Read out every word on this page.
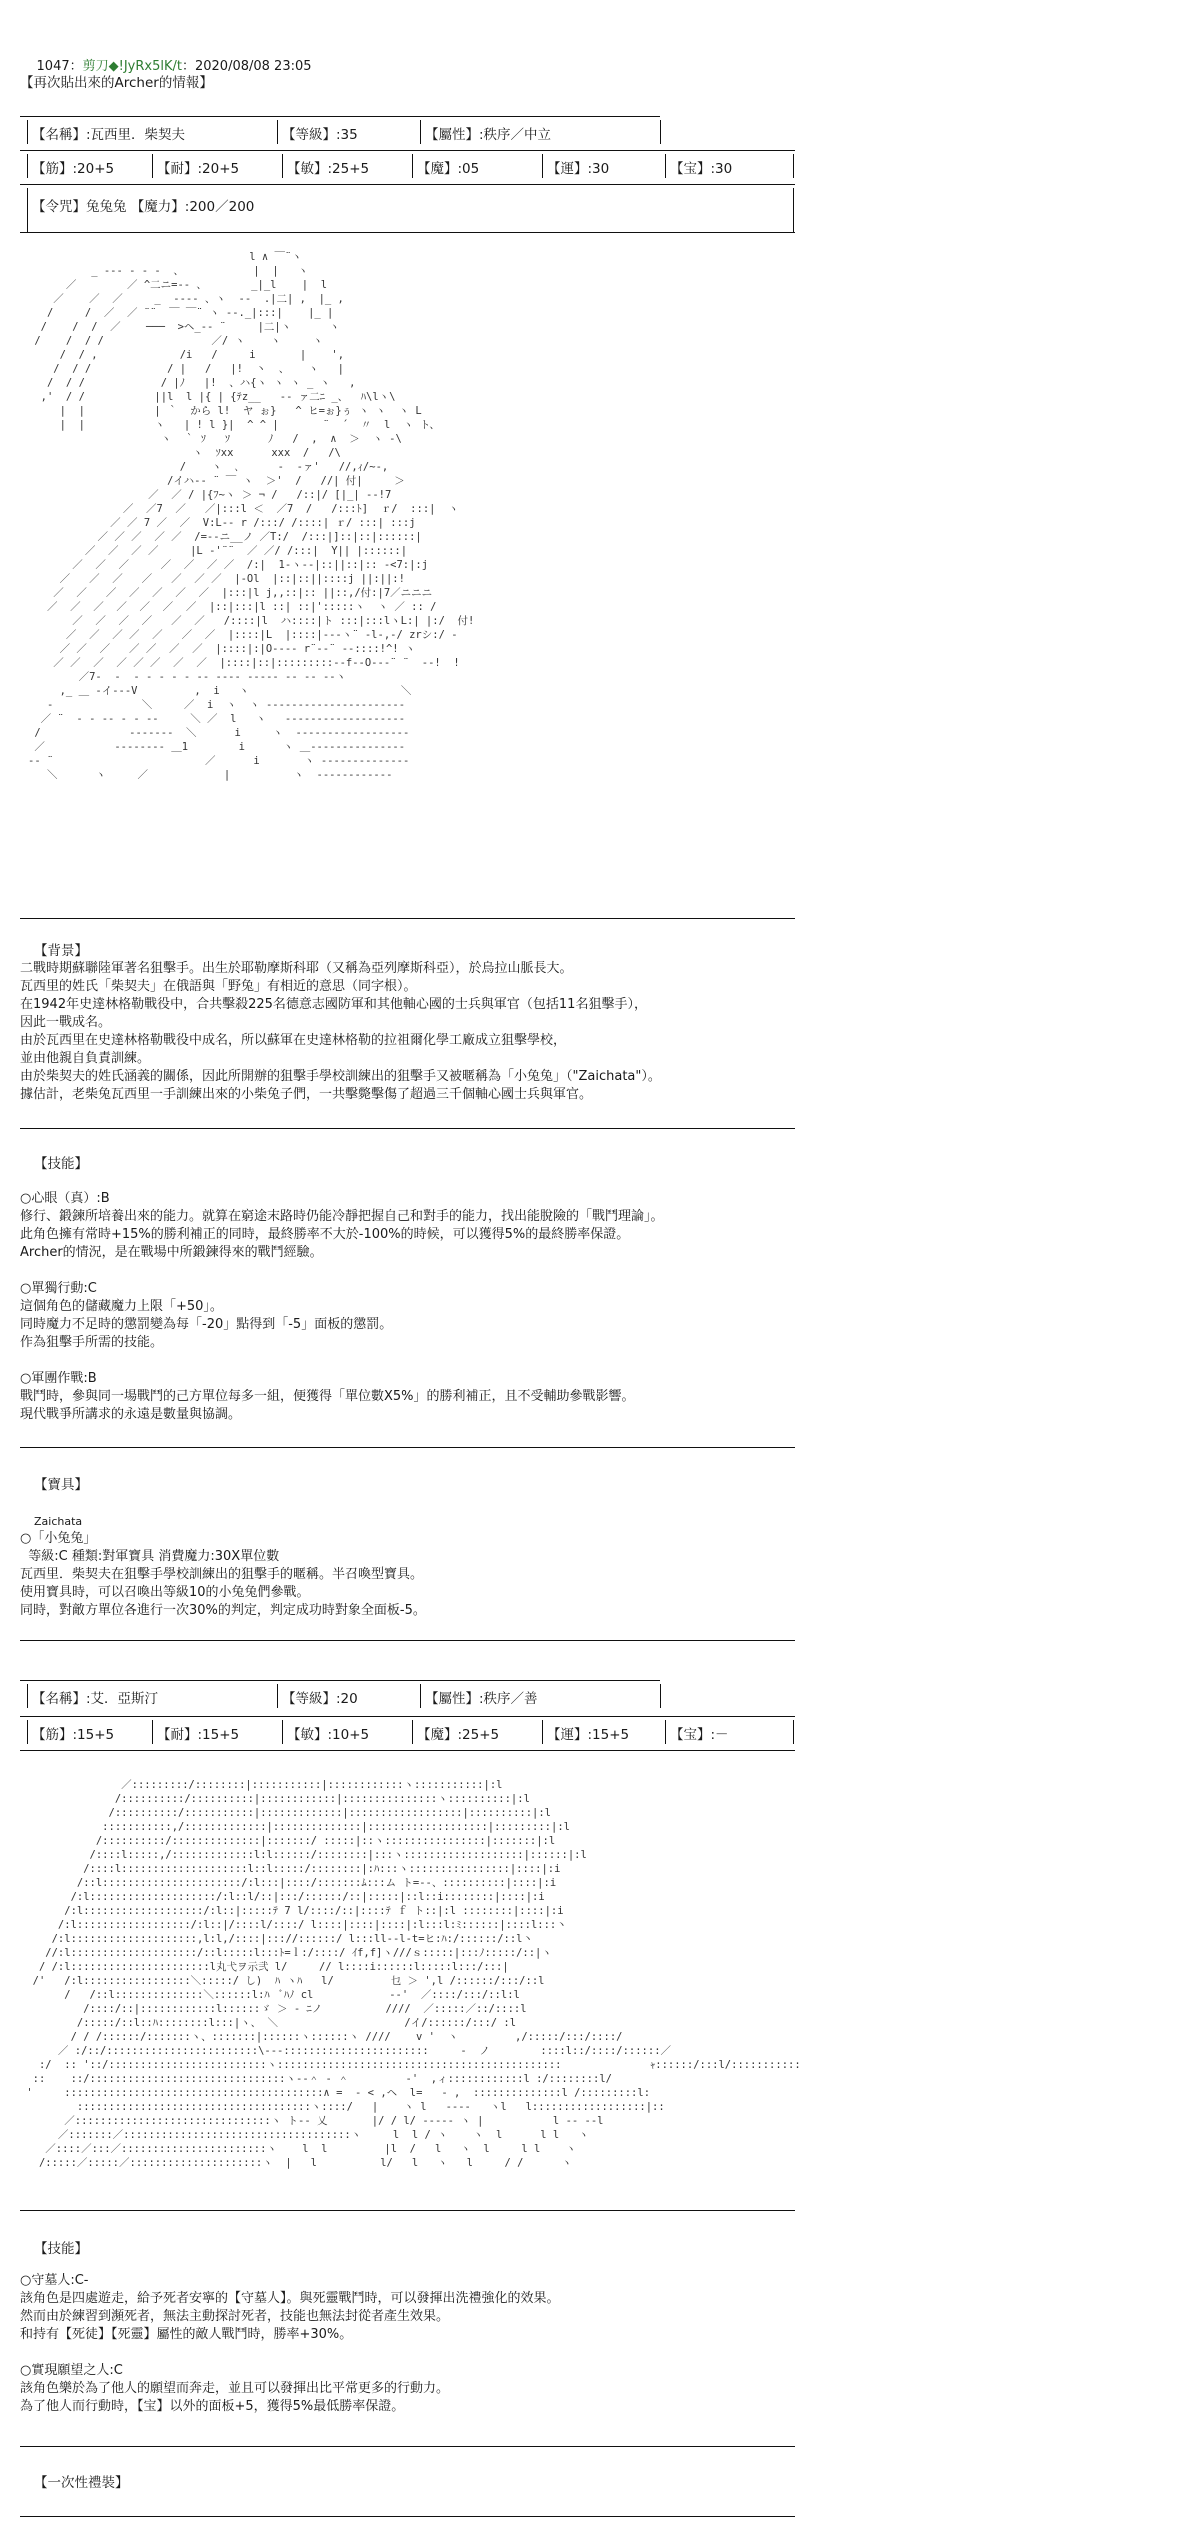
1047：剪刀◆!JyRx5lK/t：2020/08/08 23:05

【再次貼出來的Archer的情報】
【名稱】:瓦西里．柴契夫	【等級】:35	【屬性】:秩序／中立
【筋】:20+5	【耐】:20+5	【敏】:25+5	【魔】:05	【運】:30	【宝】:30
【令咒】兔兔兔 【魔力】:200／200
l ∧ ￣¨ヽ
_ -‐‐ ‐ ‐ -  、           |  |   ヽ
／        ／ ^二ニ=‐- 、       _|_l    |  l
／    ／  ／     _  -‐‐‐ 、ヽ  -‐  .|二| ,  |_ ,
/     /  ／  ／ ¨¨  ￣ ￣¨ ヽ ‐-._|:::|    |_ |
/    /  /  ／    ───  >ヘ_-‐ ¨     |二|ヽ      ヽ
/    /  / /                 ／/ ヽ    ヽ     ヽ
/  / ,             /i   /     i       |    ',
/  / /            / |   /   |!  丶  、   ヽ   |
/  / /            / |ﾉ   |!  、ハ{ヽ ヽ ヽ _ ヽ   ,
,'  / /           ||l  l |{ | {ﾃz__   ‐‐ ァ二ﾆ _、  ﾊ\lヽ\
|  |           | ｀  から l!  ヤ ぉ}   ^ ヒ=ぉ}ぅ ヽ ヽ  ヽ L
|  |           ヽ   | ! l }|  ^ ^ |       ¨  ´  〃  l  ヽ ト、
ヽ  ｀ ｿ   ｿ      ﾉ   /  ,  ∧  ＞  ヽ ‐\
ヽ  ｿxx      xxx  /   /\
/    ヽ  ､      ‐  ‐ァ'   //,ｨ/~‐,
/イハ-‐ ¨ ￣ ヽ  ＞'  /   //| 付|     ＞
／  ／ / |{ﾌ~ヽ ＞ ¬ /   /::|/ [|_| --!7
／  ／7  ／   ／|:::l ＜  ／7  /   /:::ﾄ]  ｒ/  :::|  ヽ
／ ／ 7 ／  ／  V:L‐‐ r /:::/ /::::| ｒ/ :::| :::j
／ ／ ／  ／ ／  /=‐‐ニ__ノ ／T:/  /:::|]::|::|::::::|
／  ／  ／ ／     |L ‐'¨¨  ／ ／/ /:::|  Y|| |::::::|
／  ／  ／     ／  ／  ／ ／  /:|  1‐ヽ-‐|::||::|:: ‐<7:|:j
／   ／  ／   ／   ／  ／ ／  |‐Ol  |::|::||::::j ||:||:!
／  ／   ／  ／  ／  ／  ／  |:::|l j,,::|:: ||::,/付:|7／ニニニ
／  ／  ／  ／  ／  ／  ／  |::|:::|l ::| ::|':::::ヽ  ヽ ／ :: /
／  ／  ／  ／   ／  ／   /::::|l  ハ::::|ト :::|:::lヽL:| |:/  付!
／  ／  ／ ／  ／   ／  ／  |::::|L  |::::|‐‐‐ヽ¨ ‐l-,‐/ zrシ:/ ‐
／ ／  ／   ／ ／  ／  ／  |::::|:|O‐‐‐‐ r¨‐‐¨ ‐‐::::!^! ヽ
／ ／  ／  ／ ／ ／  ／  ／  |::::|::|:::::::::‐‐f‐‐O‐‐‐¨ ¨  ‐‐!  !
／7‐  ‐  ‐ ‐ ‐ ‐ ‐ -‐ -‐‐‐ ‐‐‐‐‐ ‐‐ ‐‐ ‐‐ヽ
,_ ＿ ‐イ‐‐‐V         ,  i   ヽ                        ＼
‐              ＼     ／  i  ヽ  ヽ ‐‐‐‐‐‐‐‐‐‐‐‐‐‐‐‐‐‐‐‐‐‐
／ ¨  ‐ ‐ ‐‐ ‐ ‐ ‐‐     ＼ ／  l   ヽ   ‐‐‐‐‐‐‐‐‐‐‐‐‐‐‐‐‐‐‐
/              ‐‐‐‐‐‐‐  ＼      i     ヽ  ‐‐‐‐‐‐‐‐‐‐‐‐‐‐‐‐‐‐
／           ‐‐‐‐‐‐‐‐ ＿1        i      ヽ ＿‐‐‐‐‐‐‐‐‐‐‐‐‐‐‐
‐‐ ¨                        ／      i       ヽ ‐‐‐‐‐‐‐‐‐‐‐‐‐‐
＼      ヽ     ／            |          ヽ  ‐‐‐‐‐‐‐‐‐‐‐‐
【背景】
二戰時期蘇聯陸軍著名狙擊手。出生於耶勒摩斯科耶（又稱為亞列摩斯科亞），於烏拉山脈長大。
瓦西里的姓氏「柴契夫」在俄語與「野兔」有相近的意思（同字根）。
在1942年史達林格勒戰役中，合共擊殺225名德意志國防軍和其他軸心國的士兵與軍官（包括11名狙擊手），
因此一戰成名。
由於瓦西里在史達林格勒戰役中成名，所以蘇軍在史達林格勒的拉祖爾化學工廠成立狙擊學校，
並由他親自負責訓練。
由於柴契夫的姓氏涵義的關係，因此所開辦的狙擊手學校訓練出的狙擊手又被暱稱為「小兔兔」（"Zaichata"）。
據估計，老柴兔瓦西里一手訓練出來的小柴兔子們，一共擊斃擊傷了超過三千個軸心國士兵與軍官。
【技能】
○心眼（真）:B
修行、鍛鍊所培養出來的能力。就算在窮途末路時仍能冷靜把握自己和對手的能力，找出能脫險的「戰鬥理論」。
此角色擁有常時+15%的勝利補正的同時，最終勝率不大於-100%的時候，可以獲得5%的最終勝率保證。
Archer的情況，是在戰場中所鍛鍊得來的戰鬥經驗。
○單獨行動:C
這個角色的儲藏魔力上限「+50」。
同時魔力不足時的懲罰變為每「-20」點得到「-5」面板的懲罰。
作為狙擊手所需的技能。
○軍團作戰:B
戰鬥時，參與同一場戰鬥的己方單位每多一組，便獲得「單位數X5%」的勝利補正，且不受輔助參戰影響。
現代戰爭所講求的永遠是數量與協調。
【寶具】
Zaichata
○「小兔兔」
等級:C 種類:對軍寶具 消費魔力:30X單位數
瓦西里．柴契夫在狙擊手學校訓練出的狙擊手的暱稱。半召喚型寶具。
使用寶具時，可以召喚出等級10的小兔兔們參戰。
同時，對敵方單位各進行一次30%的判定，判定成功時對象全面板-5。
【名稱】:艾．亞斯汀	【等級】:20	【屬性】:秩序／善
【筋】:15+5	【耐】:15+5	【敏】:10+5	【魔】:25+5	【運】:15+5	【宝】:－
／:::::::::/::::::::|:::::::::::|::::::::::::ヽ:::::::::::|:l
/::::::::::/::::::::::|::::::::::::|:::::::::::::::ヽ::::::::::|:l
/::::::::::/:::::::::::|:::::::::::::|::::::::::::::::::|::::::::::|:l
:::::::::::,/:::::::::::::|::::::::::::::|:::::::::::::::::::|:::::::::|:l
/::::::::::/::::::::::::::|:::::::/ :::::|::ヽ::::::::::::::::|:::::::|:l
/::::l:::::,/:::::::::::::l:l::::::/::::::::|:::ヽ:::::::::::::::::::|::::::|:l
/::::l::::::::::::::::::::l::l:::::/::::::::|:ﾊ:::ヽ::::::::::::::::|::::|:i
/::l::::::::::::::::::::::/:l:::|::::/:::::::ﾑ:::ム ト=‐-、::::::::::|::::|:i
/:l::::::::::::::::::::/:l::l/::|:::/::::::/::|:::::|::l::i::::::::|::::|:i
/:l:::::::::::::::::::/:l::|:::::ﾃ 7 l/::::/::|::::ﾃ ｆ ト::|:l ::::::::|::::|:i
/:l::::::::::::::::::/:l::|/::::l/::::/ l::::|::::|::::|:l:::l:ﾐ::::::|::::l:::丶
/:l::::::::::::::::::::,l:l,/::::|::://::::::/ l:::ll‐‐l‐t=ヒ:ﾊ:/::::::/::l丶
//:l::::::::::::::::::::/::l:::::l:::ﾄ=ｌ:/::::/ ｲf,f]ヽ///ｓ:::::|:::ﾉ:::::/::|ヽ
/ /:l::::::::::::::::::::::l丸弋ヲ示弐 l/     // l::::i::::::l:::::l:::/:::|
/'   /:l:::::::::::::::::＼:::::/ し)  ﾊ ヽﾊ   l/         乜 ＞ ',l /::::::/:::/::l
/   /::l::::::::::::::＼::::::l:ﾊ  ﾞﾊﾉ cl            ‐‐'  ／::::/:::/::l:l
/::::/::|::::::::::::l::::::ゞ ＞ ‐ ﾆノ          ////  ／:::::／::/::::l
/:::::/::l::ﾊ::::::::l:::|ヽ、 ＼                    /イ/::::::/:::/ :l
/ / /::::::/:::::::ヽ、:::::::|::::::ヽ::::::ヽ ////    v '  ヽ         ,/:::::/:::/::::/
／ :/::/::::::::::::::::::::::::\‐‐‐:::::::::::::::::::::::     ‐  ノ        ::::l::/::::/::::::／
:/  :: '::/:::::::::::::::::::::::::ヽ:::::::::::::::::::::::::::::::::::::::::::::              ｬ::::::/:::l/:::::::::::
::    ::/:::::::::::::::::::::::::::::::ヽ‐‐＾ - ＾         ‐'  ,ィ::::::::::::l :/::::::::l/
'     :::::::::::::::::::::::::::::::::::::::::∧ =  ‐ < ,ヘ  l=   ‐ ,  ::::::::::::::l /:::::::::l:
:::::::::::::::::::::::::::::::::::::ヽ::::/   |    ヽ l   ‐‐‐‐   ヽl   l::::::::::::::::::|::
／:::::::::::::::::::::::::::::::ヽ ト‐‐ 乂       |/ / l/ ‐‐‐‐‐ ヽ |           l ‐‐ ‐‐l
／:::::::／::::::::::::::::::::::::::::::::::::ヽ     l  l / ヽ    ヽ  l      l l   ヽ
／::::／:::／:::::::::::::::::::::::ヽ    l  l         |l  /   l   ヽ  l     l l    ヽ
/:::::／:::::／:::::::::::::::::::::ヽ  |   l          l/   l   ヽ   l     / /      ヽ
【技能】
○守墓人:C-
該角色是四處遊走，給予死者安寧的【守墓人】。與死靈戰鬥時，可以發揮出洗禮強化的效果。
然而由於練習到瀕死者，無法主動探討死者，技能也無法封從者產生效果。
和持有【死徒】【死靈】屬性的敵人戰鬥時，勝率+30%。
○實現願望之人:C
該角色樂於為了他人的願望而奔走，並且可以發揮出比平常更多的行動力。
為了他人而行動時，【宝】以外的面板+5，獲得5%最低勝率保證。
【一次性禮裝】
